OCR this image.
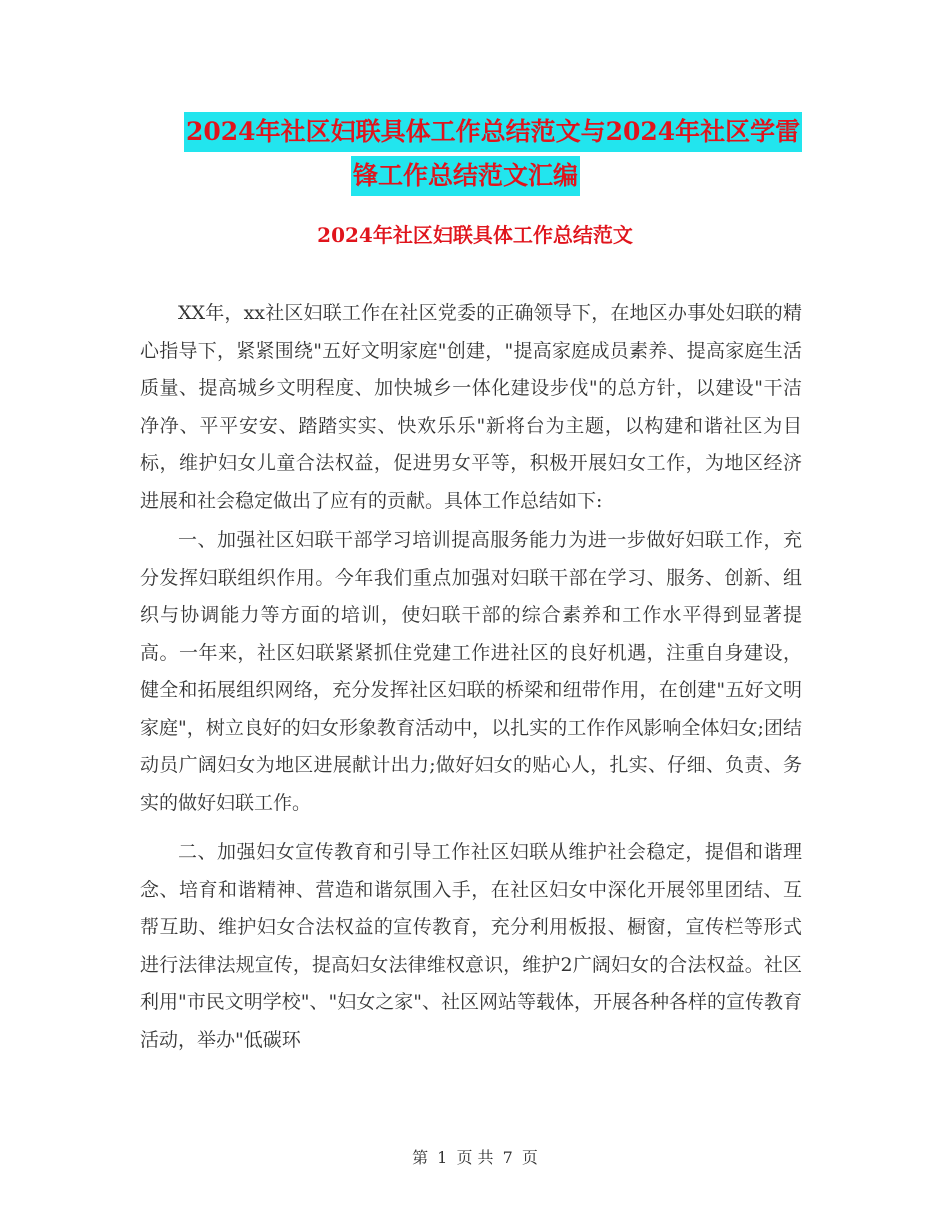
2024年社区妇联具体工作总结范文与2024年社区学雷
锋工作总结范文汇编
2024年社区妇联具体工作总结范文

XX年，xx社区妇联工作在社区党委的正确领导下，在地区办事处妇联的精心指导下，紧紧围绕"五好文明家庭"创建，"提高家庭成员素养、提高家庭生活质量、提高城乡文明程度、加快城乡一体化建设步伐"的总方针，以建设"干洁净净、平平安安、踏踏实实、快欢乐乐"新将台为主题，以构建和谐社区为目标，维护妇女儿童合法权益，促进男女平等，积极开展妇女工作，为地区经济进展和社会稳定做出了应有的贡献。具体工作总结如下:

一、加强社区妇联干部学习培训提高服务能力为进一步做好妇联工作，充分发挥妇联组织作用。今年我们重点加强对妇联干部在学习、服务、创新、组织与协调能力等方面的培训，使妇联干部的综合素养和工作水平得到显著提高。一年来，社区妇联紧紧抓住党建工作进社区的良好机遇，注重自身建设，健全和拓展组织网络，充分发挥社区妇联的桥梁和纽带作用，在创建"五好文明家庭"，树立良好的妇女形象教育活动中，以扎实的工作作风影响全体妇女;团结动员广阔妇女为地区进展献计出力;做好妇女的贴心人，扎实、仔细、负责、务实的做好妇联工作。

二、加强妇女宣传教育和引导工作社区妇联从维护社会稳定，提倡和谐理念、培育和谐精神、营造和谐氛围入手，在社区妇女中深化开展邻里团结、互帮互助、维护妇女合法权益的宣传教育，充分利用板报、橱窗，宣传栏等形式进行法律法规宣传，提高妇女法律维权意识，维护2广阔妇女的合法权益。社区利用"市民文明学校"、"妇女之家"、社区网站等载体，开展各种各样的宣传教育活动，举办"低碳环

第 1 页 共 7 页
